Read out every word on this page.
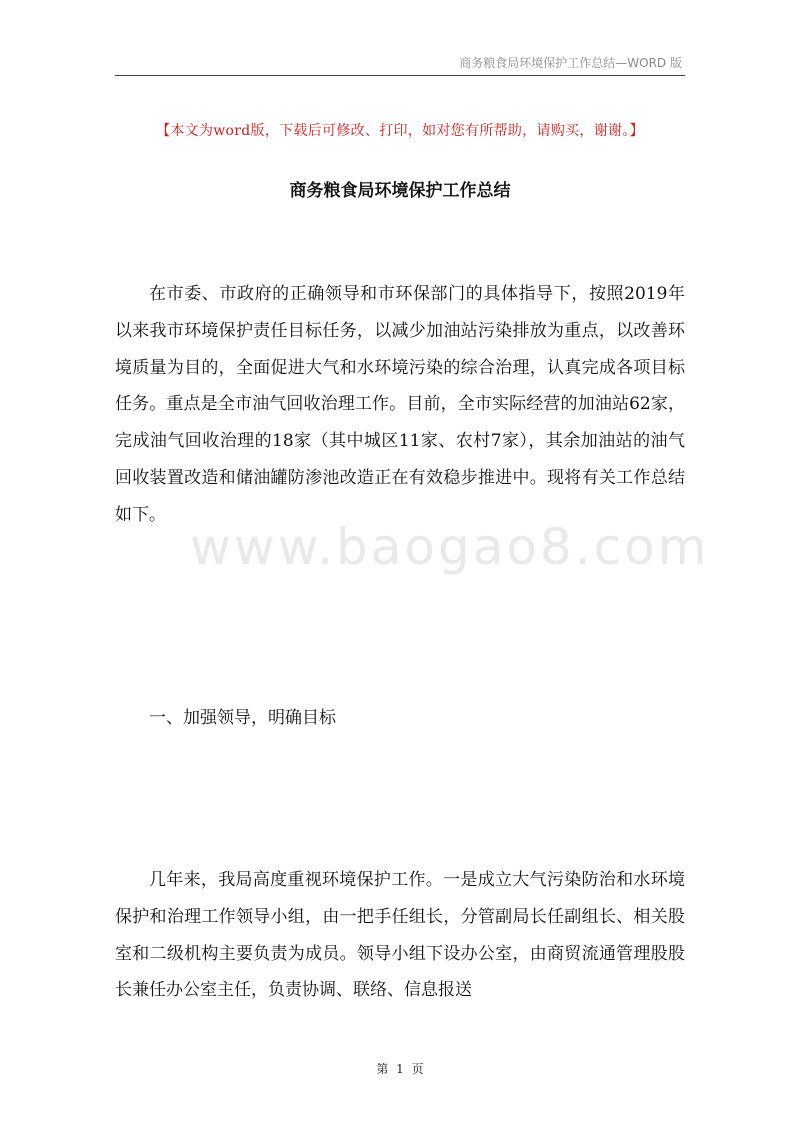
商务粮食局环境保护工作总结—WORD 版
【本文为word版，下载后可修改、打印，如对您有所帮助，请购买，谢谢。】
商务粮食局环境保护工作总结

在市委、市政府的正确领导和市环保部门的具体指导下，按照2019年以来我市环境保护责任目标任务，以减少加油站污染排放为重点，以改善环境质量为目的，全面促进大气和水环境污染的综合治理，认真完成各项目标任务。重点是全市油气回收治理工作。目前，全市实际经营的加油站62家，完成油气回收治理的18家（其中城区11家、农村7家），其余加油站的油气回收装置改造和储油罐防渗池改造正在有效稳步推进中。现将有关工作总结如下。

一、加强领导，明确目标

几年来，我局高度重视环境保护工作。一是成立大气污染防治和水环境保护和治理工作领导小组，由一把手任组长，分管副局长任副组长、相关股室和二级机构主要负责为成员。领导小组下设办公室，由商贸流通管理股股长兼任办公室主任，负责协调、联络、信息报送

www.baogao8.com
第 1 页
